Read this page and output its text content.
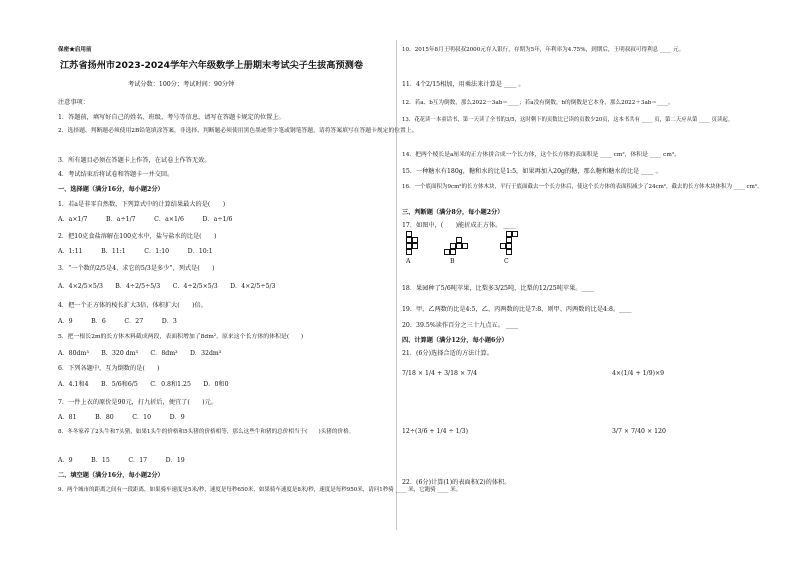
保密★启用前
江苏省扬州市2023-2024学年六年级数学上册期末考试尖子生拔高预测卷
考试分数：100分；考试时间：90分钟
注意事项：
1．答题前，填写好自己的姓名、班级、考号等信息，请写在答题卡规定的位置上。
2．选择题、判断题必须使用2B铅笔填涂答案，非选择、判断题必须使用黑色墨迹签字笔或钢笔答题，请将答案填写在答题卡规定的位置上。
3．所有题目必须在答题卡上作答，在试卷上作答无效。
4．考试结束后将试卷和答题卡一并交回。
一、选择题（满分16分，每小题2分）
1．若a是非零自然数，下列算式中的计算结果最大的是(　　)
A．a×1/7　　　B．a÷1/7　　　C．a×1/6　　　D．a÷1/6
2．把10克食盐溶解在100克水中，盐与盐水的比是(　　)
A．1:11　　　B．11:1　　　C．1:10　　　D．10:1
3．“一个数的2/5是4，求它的5/3是多少”，列式是(　　)
A．4×2/5×5/3　　B．4÷2/5÷5/3　　C．4÷2/5×5/3　　D．4×2/5÷5/3
4．把一个正方体的棱长扩大3倍，体积扩大(　　)倍。
A．9　　　B．6　　　C．27　　　D．3
5．把一根长2m的长方体木料截成两段，表面积增加了8dm²，原来这个长方体的体积是(　　)
A．80dm³　　B．320 dm³　　C．8dm³　　D．32dm³
6．下列各题中，互为倒数的是(　　)
A．4.1和4　　B．5/6和6/5　　C．0.8和1.25　　D．0和0
7．一件上衣的原价是90元，打九折后，便宜了(　　)元。
A．81　　　B．80　　　C．10　　　D．9
8．冬冬家养了2头牛和7头猪，如果1头牛的价格和5头猪的价格相等，那么这些牛和猪的总价相当于(　　)头猪的价格。
A．9　　　B．15　　　C．17　　　D．19
二、填空题（满分16分，每小题2分）
9．两个城市的距离之间有一段距离，如果骑车速度是5米/秒，速度是每秒650米，如果骑车速度是8米/秒，速度是每秒950米，请问1秒骑 ____ 米，它跑骑 ____ 米。
10．2015年8月王明叔叔2000元存入银行，存期为5年，年利率为4.75%，到期后，王明叔叔可得利息 ____ 元。
11．4个2/15相加，用乘法来计算是 ____ 。
12．若a、b互为倒数，那么2022－3ab＝____；若a没有倒数，b的倒数是它本身，那么2022＋3ab＝____。
13．花花读一本童话书，第一天读了全书的3/5，这时剩下的页数比已读的页数少20页，这本书共有 ____ 页，第二天应从第 ____ 页读起。
14．把两个棱长是a厘米的正方体拼合成一个长方体，这个长方体的表面积是 ____ cm²，体积是 ____ cm³。
15．一种糖水有180g，糖和水的比是1:5，如果再加入20g的糖，那么糖和糖水的比是 ____ 。
16．一个底面积为9cm²的长方体木块，平行于底面截去一个长方体后，使这个长方体的表面积减少了24cm²，截去的长方体木块体积为 ____ cm³。
三、判断题（满分8分，每小题2分）
17．如图中，(　　)能折成正方体。 ____
A	B	C
18．果园种了5/6吨苹果，比梨多3/25吨，比梨的12/25吨苹果。____
19．甲、乙两数的比是4:5，乙、丙两数的比是7:8，则甲、丙两数的比是4:8。____
20．39.5%读作百分之三十九点五。 ____
四、计算题（满分12分，每小题6分）
21．(6分)选择合适的方法计算。
7/18 × 1/4 + 3/18 × 7/4	4×(1/4 + 1/9)×9
12÷(3/6 + 1/4 ÷ 1/3)	3/7 × 7/40 × 120
22．(6分)计算(1)的表面积(2)的体积。
